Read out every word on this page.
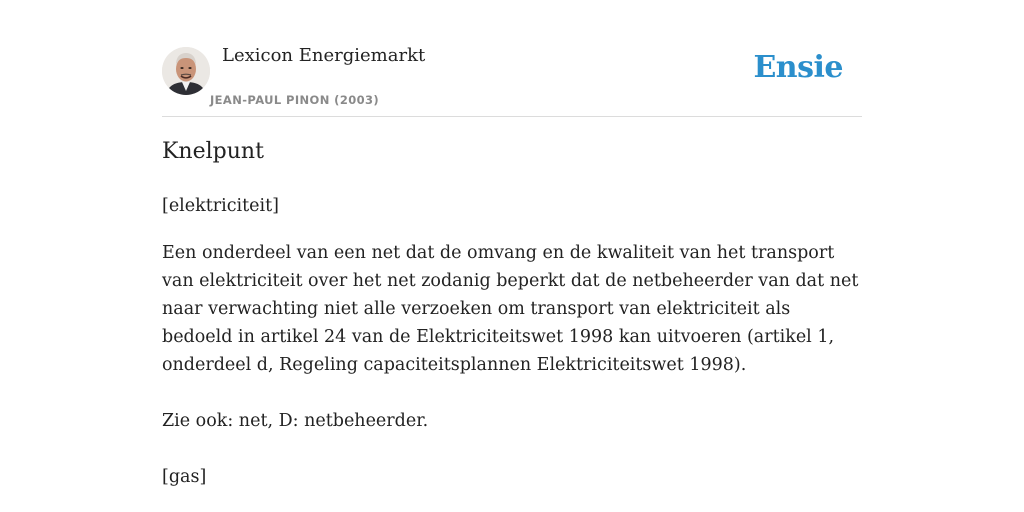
Lexicon Energiemarkt
JEAN-PAUL PINON (2003)
Ensie
Knelpunt

[elektriciteit]

Een onderdeel van een net dat de omvang en de kwaliteit van het transport van elektriciteit over het net zodanig beperkt dat de netbeheerder van dat net naar verwachting niet alle verzoeken om transport van elektriciteit als bedoeld in artikel 24 van de Elektriciteitswet 1998 kan uitvoeren (artikel 1, onderdeel d, Regeling capaciteitsplannen Elektriciteitswet 1998).

Zie ook: net, D: netbeheerder.

[gas]
